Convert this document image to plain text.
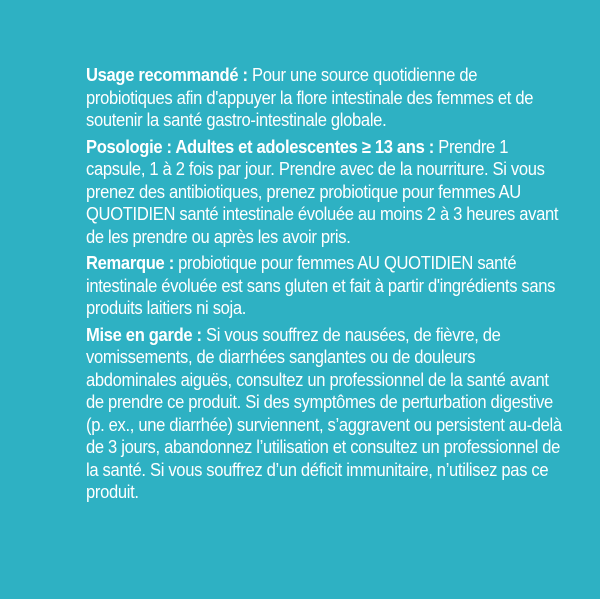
Usage recommandé : Pour une source quotidienne de probiotiques afin d'appuyer la flore intestinale des femmes et de soutenir la santé gastro-intestinale globale.

Posologie : Adultes et adolescentes ≥ 13 ans : Prendre 1 capsule, 1 à 2 fois par jour. Prendre avec de la nourriture. Si vous prenez des antibiotiques, prenez probiotique pour femmes AU QUOTIDIEN santé intestinale évoluée au moins 2 à 3 heures avant de les prendre ou après les avoir pris.

Remarque : probiotique pour femmes AU QUOTIDIEN santé intestinale évoluée est sans gluten et fait à partir d'ingrédients sans produits laitiers ni soja.

Mise en garde : Si vous souffrez de nausées, de fièvre, de vomissements, de diarrhées sanglantes ou de douleurs abdominales aiguës, consultez un professionnel de la santé avant de prendre ce produit. Si des symptômes de perturbation digestive (p. ex., une diarrhée) surviennent, s’aggravent ou persistent au-delà de 3 jours, abandonnez l’utilisation et consultez un professionnel de la santé. Si vous souffrez d’un déficit immunitaire, n’utilisez pas ce produit.
